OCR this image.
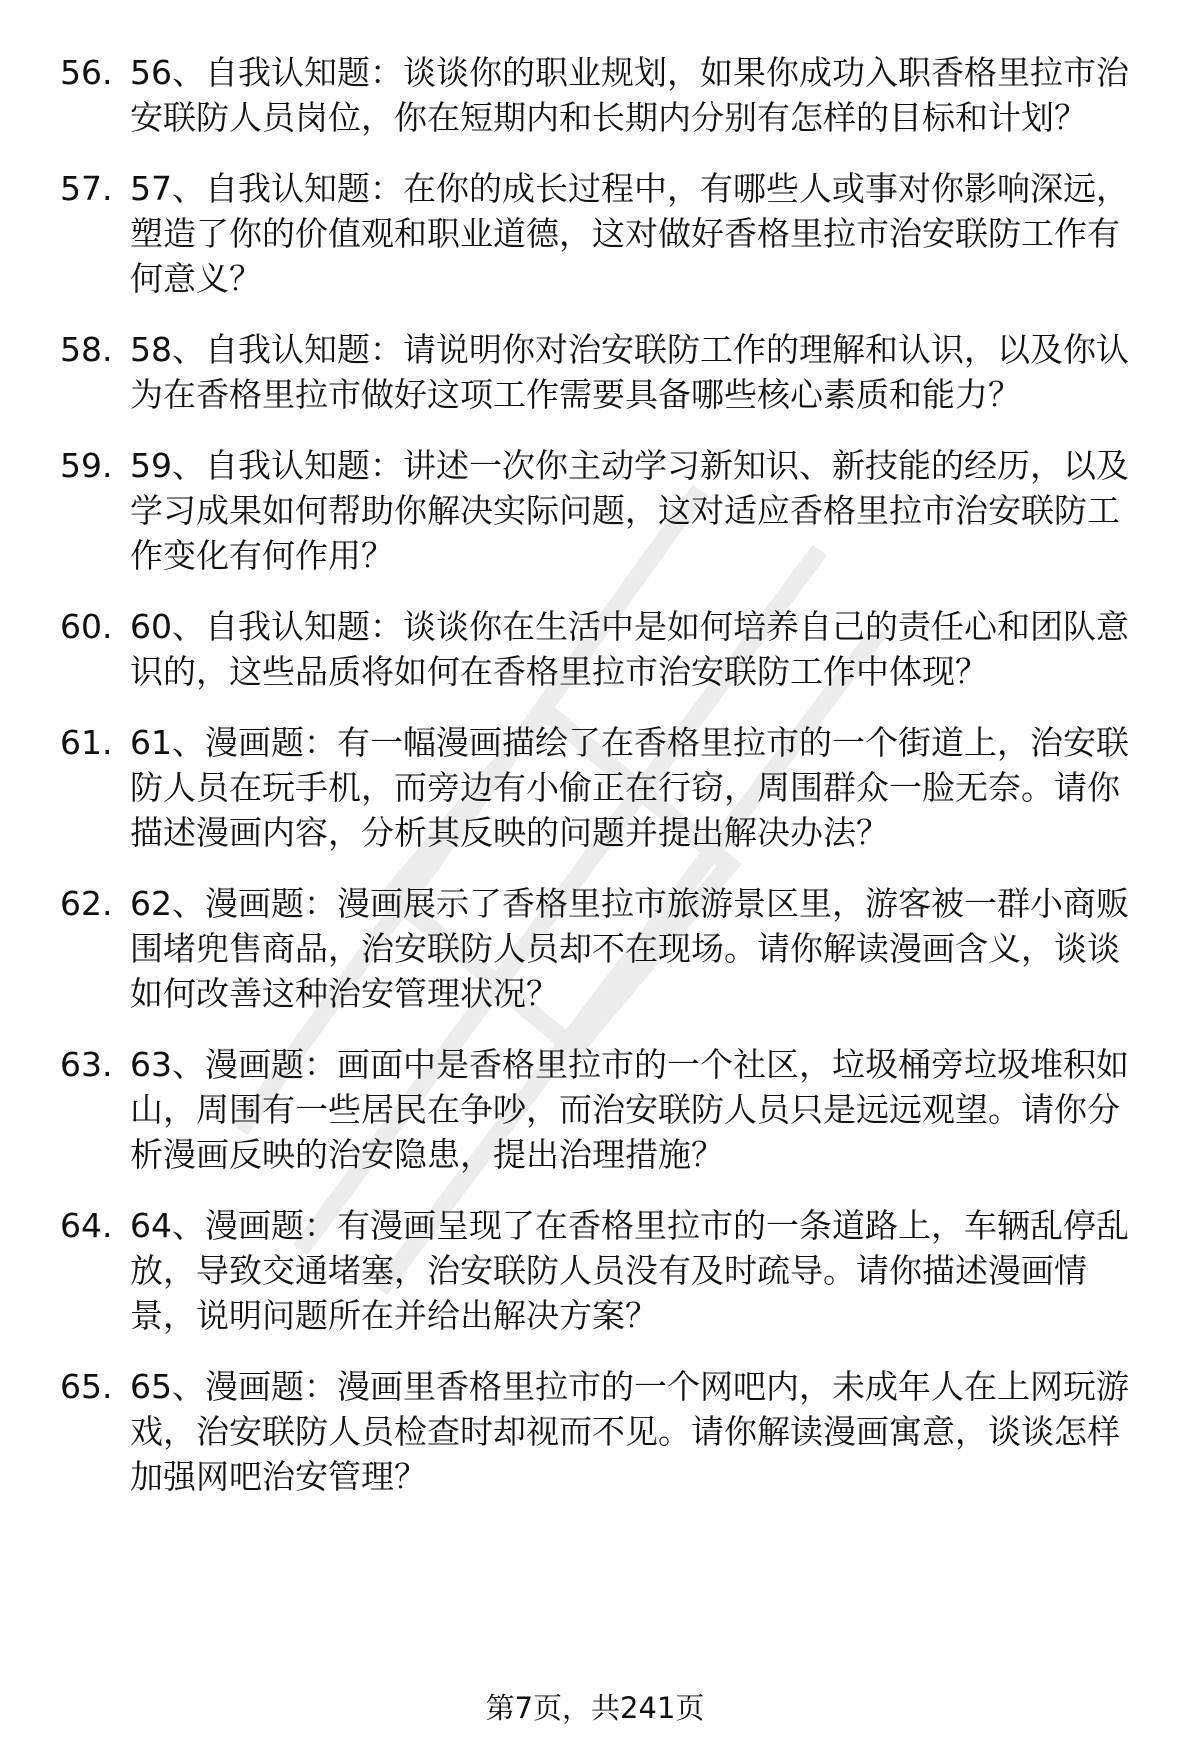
56. 56、自我认知题：谈谈你的职业规划，如果你成功入职香格里拉市治安联防人员岗位，你在短期内和长期内分别有怎样的目标和计划？
57. 57、自我认知题：在你的成长过程中，有哪些人或事对你影响深远，塑造了你的价值观和职业道德，这对做好香格里拉市治安联防工作有何意义？
58. 58、自我认知题：请说明你对治安联防工作的理解和认识，以及你认为在香格里拉市做好这项工作需要具备哪些核心素质和能力？
59. 59、自我认知题：讲述一次你主动学习新知识、新技能的经历，以及学习成果如何帮助你解决实际问题，这对适应香格里拉市治安联防工作变化有何作用？
60. 60、自我认知题：谈谈你在生活中是如何培养自己的责任心和团队意识的，这些品质将如何在香格里拉市治安联防工作中体现？
61. 61、漫画题：有一幅漫画描绘了在香格里拉市的一个街道上，治安联防人员在玩手机，而旁边有小偷正在行窃，周围群众一脸无奈。请你描述漫画内容，分析其反映的问题并提出解决办法？
62. 62、漫画题：漫画展示了香格里拉市旅游景区里，游客被一群小商贩围堵兜售商品，治安联防人员却不在现场。请你解读漫画含义，谈谈如何改善这种治安管理状况？
63. 63、漫画题：画面中是香格里拉市的一个社区，垃圾桶旁垃圾堆积如山，周围有一些居民在争吵，而治安联防人员只是远远观望。请你分析漫画反映的治安隐患，提出治理措施？
64. 64、漫画题：有漫画呈现了在香格里拉市的一条道路上，车辆乱停乱放，导致交通堵塞，治安联防人员没有及时疏导。请你描述漫画情景，说明问题所在并给出解决方案？
65. 65、漫画题：漫画里香格里拉市的一个网吧内，未成年人在上网玩游戏，治安联防人员检查时却视而不见。请你解读漫画寓意，谈谈怎样加强网吧治安管理？
第7页，共241页
